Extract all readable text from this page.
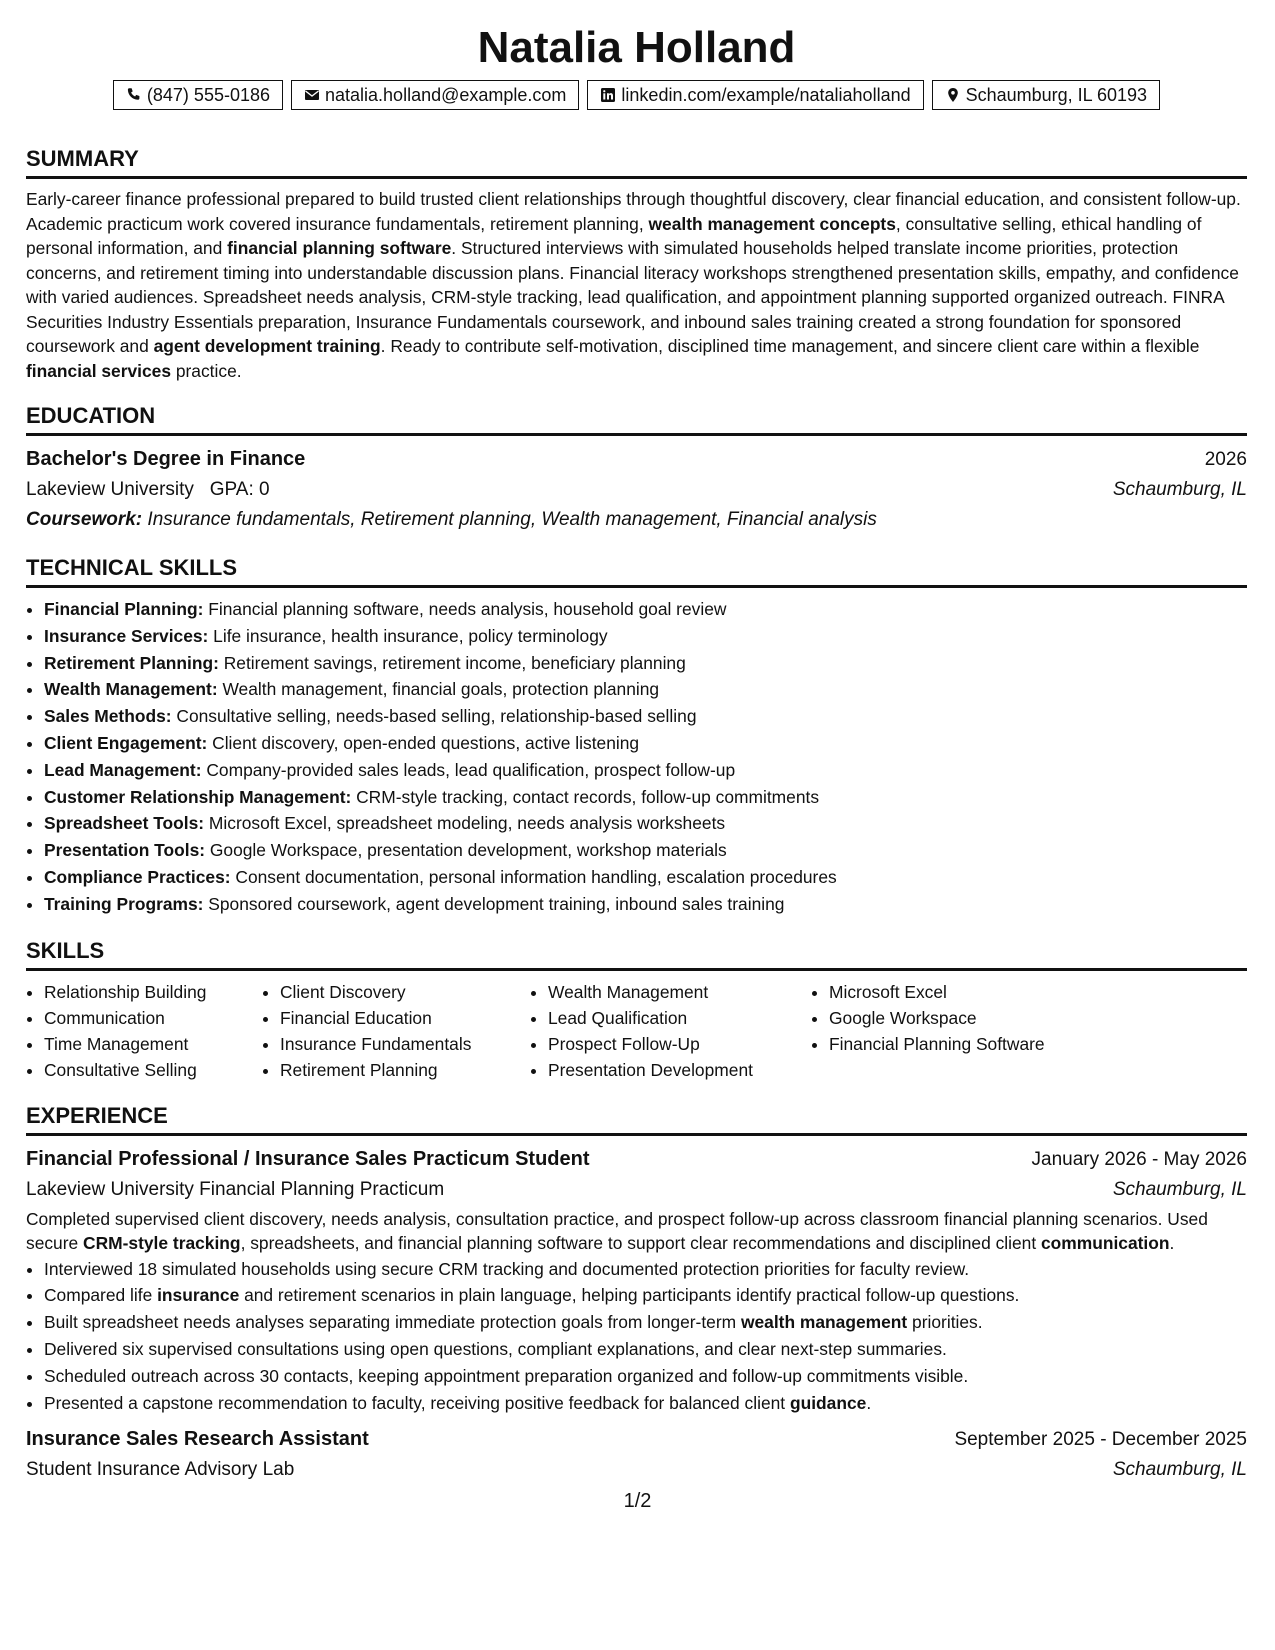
Natalia Holland
(847) 555-0186	natalia.holland@example.com	linkedin.com/example/nataliaholland	Schaumburg, IL 60193
SUMMARY

Early-career finance professional prepared to build trusted client relationships through thoughtful discovery, clear financial education, and consistent follow-up. Academic practicum work covered insurance fundamentals, retirement planning, wealth management concepts, consultative selling, ethical handling of personal information, and financial planning software. Structured interviews with simulated households helped translate income priorities, protection concerns, and retirement timing into understandable discussion plans. Financial literacy workshops strengthened presentation skills, empathy, and confidence with varied audiences. Spreadsheet needs analysis, CRM-style tracking, lead qualification, and appointment planning supported organized outreach. FINRA Securities Industry Essentials preparation, Insurance Fundamentals coursework, and inbound sales training created a strong foundation for sponsored coursework and agent development training. Ready to contribute self-motivation, disciplined time management, and sincere client care within a flexible financial services practice.

EDUCATION
Bachelor's Degree in Finance	2026
Lakeview University GPA: 0	Schaumburg, IL
Coursework: Insurance fundamentals, Retirement planning, Wealth management, Financial analysis
TECHNICAL SKILLS
• Financial Planning: Financial planning software, needs analysis, household goal review
• Insurance Services: Life insurance, health insurance, policy terminology
• Retirement Planning: Retirement savings, retirement income, beneficiary planning
• Wealth Management: Wealth management, financial goals, protection planning
• Sales Methods: Consultative selling, needs-based selling, relationship-based selling
• Client Engagement: Client discovery, open-ended questions, active listening
• Lead Management: Company-provided sales leads, lead qualification, prospect follow-up
• Customer Relationship Management: CRM-style tracking, contact records, follow-up commitments
• Spreadsheet Tools: Microsoft Excel, spreadsheet modeling, needs analysis worksheets
• Presentation Tools: Google Workspace, presentation development, workshop materials
• Compliance Practices: Consent documentation, personal information handling, escalation procedures
• Training Programs: Sponsored coursework, agent development training, inbound sales training
SKILLS
• Relationship Building
• Communication
• Time Management
• Consultative Selling
• Client Discovery
• Financial Education
• Insurance Fundamentals
• Retirement Planning
• Wealth Management
• Lead Qualification
• Prospect Follow-Up
• Presentation Development
• Microsoft Excel
• Google Workspace
• Financial Planning Software
EXPERIENCE
Financial Professional / Insurance Sales Practicum Student	January 2026 - May 2026
Lakeview University Financial Planning Practicum	Schaumburg, IL

Completed supervised client discovery, needs analysis, consultation practice, and prospect follow-up across classroom financial planning scenarios. Used secure CRM-style tracking, spreadsheets, and financial planning software to support clear recommendations and disciplined client communication.

• Interviewed 18 simulated households using secure CRM tracking and documented protection priorities for faculty review.
• Compared life insurance and retirement scenarios in plain language, helping participants identify practical follow-up questions.
• Built spreadsheet needs analyses separating immediate protection goals from longer-term wealth management priorities.
• Delivered six supervised consultations using open questions, compliant explanations, and clear next-step summaries.
• Scheduled outreach across 30 contacts, keeping appointment preparation organized and follow-up commitments visible.
• Presented a capstone recommendation to faculty, receiving positive feedback for balanced client guidance.
Insurance Sales Research Assistant	September 2025 - December 2025
Student Insurance Advisory Lab	Schaumburg, IL
1/2
